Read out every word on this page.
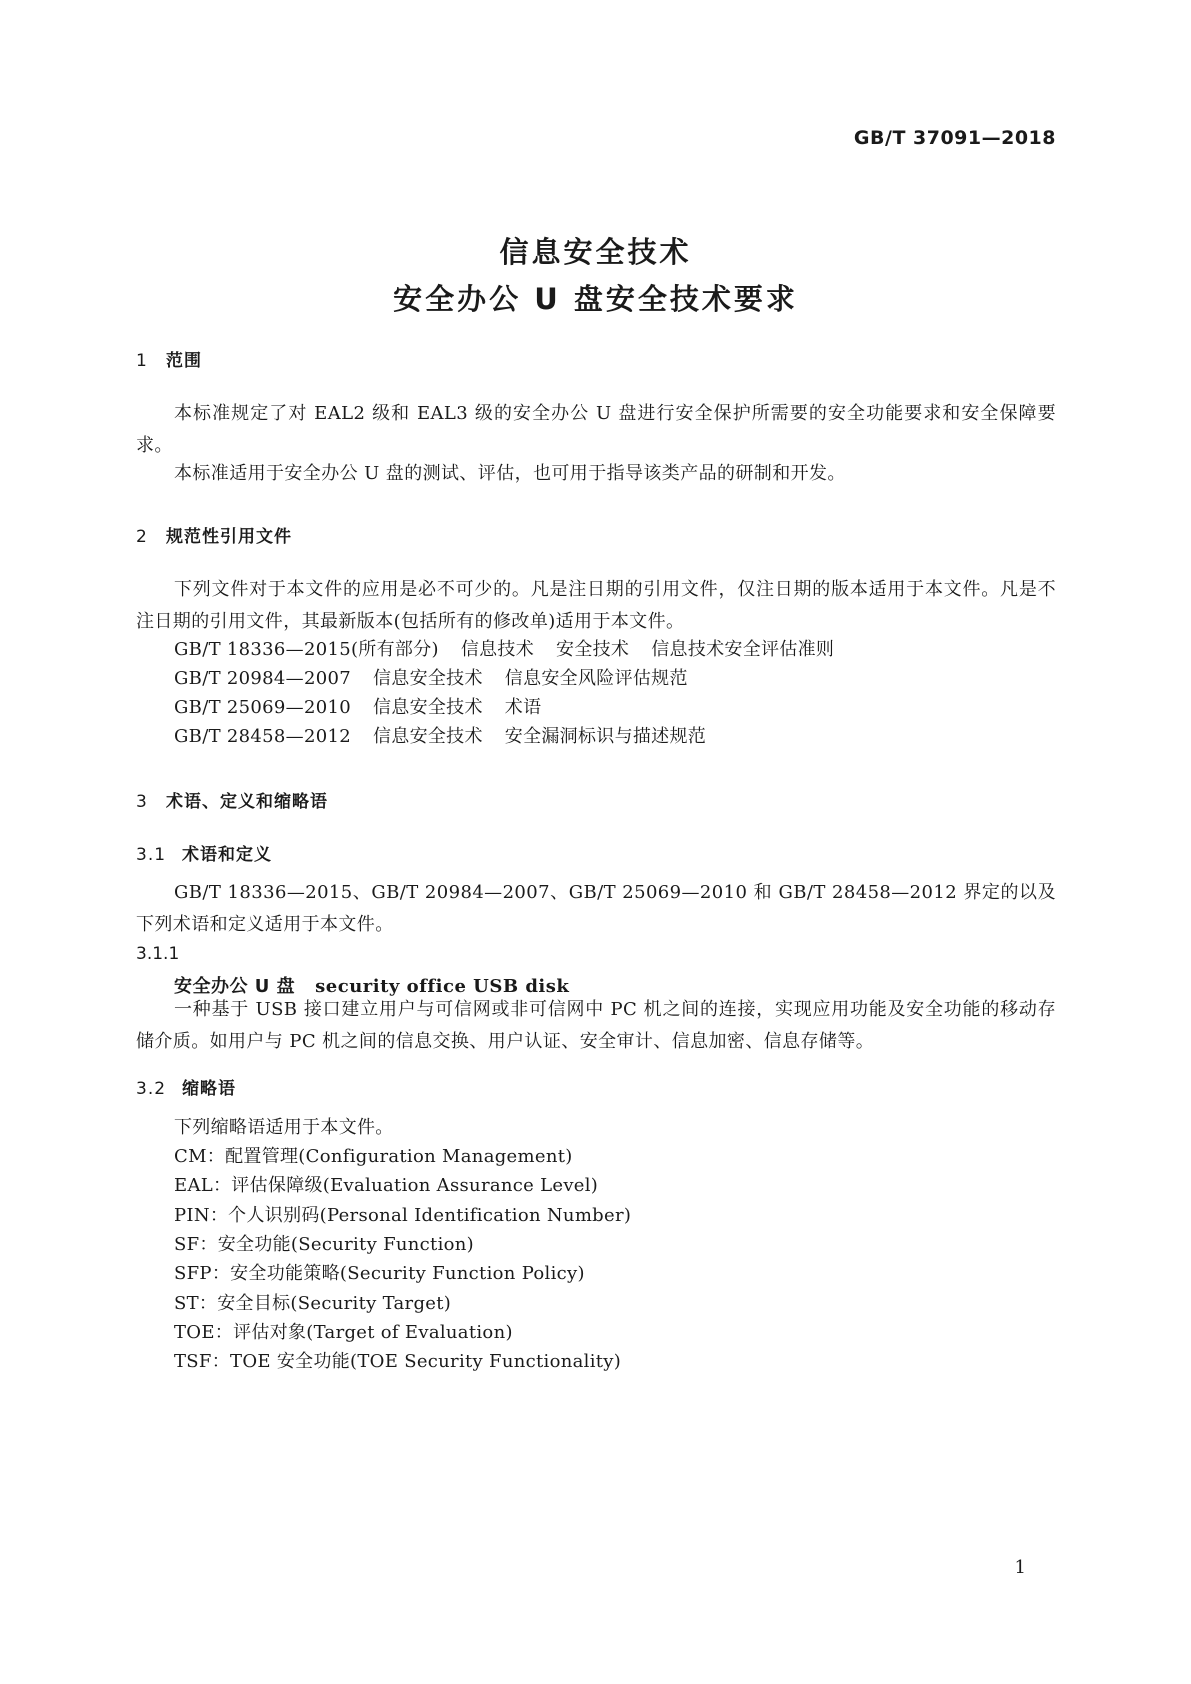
GB/T 37091—2018
信息安全技术
安全办公 U 盘安全技术要求
1 范围
本标准规定了对 EAL2 级和 EAL3 级的安全办公 U 盘进行安全保护所需要的安全功能要求和安全保障要求。
本标准适用于安全办公 U 盘的测试、评估，也可用于指导该类产品的研制和开发。
2 规范性引用文件
下列文件对于本文件的应用是必不可少的。凡是注日期的引用文件，仅注日期的版本适用于本文件。凡是不注日期的引用文件，其最新版本(包括所有的修改单)适用于本文件。
GB/T 18336—2015(所有部分) 信息技术 安全技术 信息技术安全评估准则
GB/T 20984—2007 信息安全技术 信息安全风险评估规范
GB/T 25069—2010 信息安全技术 术语
GB/T 28458—2012 信息安全技术 安全漏洞标识与描述规范
3 术语、定义和缩略语
3.1 术语和定义
GB/T 18336—2015、GB/T 20984—2007、GB/T 25069—2010 和 GB/T 28458—2012 界定的以及下列术语和定义适用于本文件。
3.1.1
安全办公 U 盘 security office USB disk
一种基于 USB 接口建立用户与可信网或非可信网中 PC 机之间的连接，实现应用功能及安全功能的移动存储介质。如用户与 PC 机之间的信息交换、用户认证、安全审计、信息加密、信息存储等。
3.2 缩略语
下列缩略语适用于本文件。
CM：配置管理(Configuration Management)
EAL：评估保障级(Evaluation Assurance Level)
PIN：个人识别码(Personal Identification Number)
SF：安全功能(Security Function)
SFP：安全功能策略(Security Function Policy)
ST：安全目标(Security Target)
TOE：评估对象(Target of Evaluation)
TSF：TOE 安全功能(TOE Security Functionality)
1
